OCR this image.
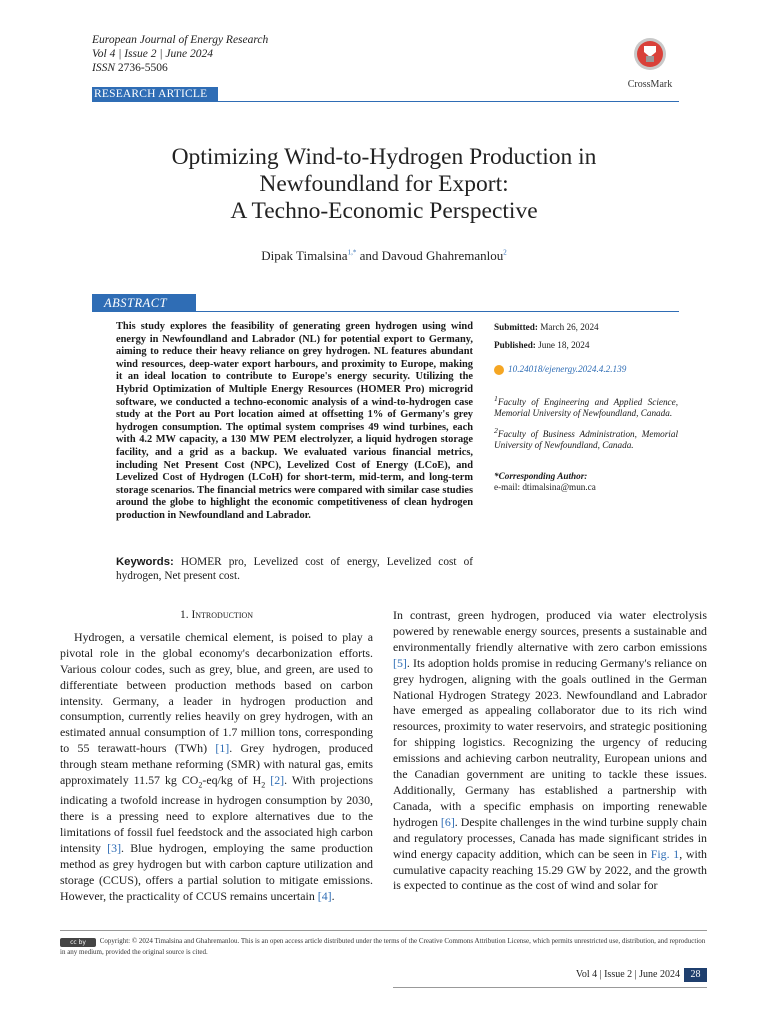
European Journal of Energy Research
Vol 4 | Issue 2 | June 2024
ISSN 2736-5506
CrossMark
RESEARCH ARTICLE
Optimizing Wind-to-Hydrogen Production in
Newfoundland for Export:
A Techno-Economic Perspective
Dipak Timalsina$^{1,*}$ and Davoud Ghahremanlou$^2$
ABSTRACT
This study explores the feasibility of generating green hydrogen using wind energy in Newfoundland and Labrador (NL) for potential export to Germany, aiming to reduce their heavy reliance on grey hydrogen. NL features abundant wind resources, deep-water export harbours, and proximity to Europe, making it an ideal location to contribute to Europe's energy security. Utilizing the Hybrid Optimization of Multiple Energy Resources (HOMER Pro) microgrid software, we conducted a techno-economic analysis of a wind-to-hydrogen case study at the Port au Port location aimed at offsetting 1% of Germany's grey hydrogen consumption. The optimal system comprises 49 wind turbines, each with 4.2 MW capacity, a 130 MW PEM electrolyzer, a liquid hydrogen storage facility, and a grid as a backup. We evaluated various financial metrics, including Net Present Cost (NPC), Levelized Cost of Energy (LCoE), and Levelized Cost of Hydrogen (LCoH) for short-term, mid-term, and long-term storage scenarios. The financial metrics were compared with similar case studies around the globe to highlight the economic competitiveness of clean hydrogen production in Newfoundland and Labrador.
Keywords: HOMER pro, Levelized cost of energy, Levelized cost of hydrogen, Net present cost.
Submitted: March 26, 2024
Published: June 18, 2024
10.24018/ejenergy.2024.4.2.139
$^1$Faculty of Engineering and Applied Science, Memorial University of Newfoundland, Canada.
$^2$Faculty of Business Administration, Memorial University of Newfoundland, Canada.
*Corresponding Author:
e-mail: dtimalsina@mun.ca
1. Introduction

Hydrogen, a versatile chemical element, is poised to play a pivotal role in the global economy's decarbonization efforts. Various colour codes, such as grey, blue, and green, are used to differentiate between production methods based on carbon intensity. Germany, a leader in hydrogen production and consumption, currently relies heavily on grey hydrogen, with an estimated annual consumption of 1.7 million tons, corresponding to 55 terawatt-hours (TWh) [1]. Grey hydrogen, produced through steam methane reforming (SMR) with natural gas, emits approximately 11.57 kg $CO_2-eq/kg$ of $H_2$ [2]. With projections indicating a twofold increase in hydrogen consumption by 2030, there is a pressing need to explore alternatives due to the limitations of fossil fuel feedstock and the associated high carbon intensity [3]. Blue hydrogen, employing the same production method as grey hydrogen but with carbon capture utilization and storage (CCUS), offers a partial solution to mitigate emissions. However, the practicality of CCUS remains uncertain [4].

In contrast, green hydrogen, produced via water electrolysis powered by renewable energy sources, presents a sustainable and environmentally friendly alternative with zero carbon emissions [5]. Its adoption holds promise in reducing Germany's reliance on grey hydrogen, aligning with the goals outlined in the German National Hydrogen Strategy 2023. Newfoundland and Labrador have emerged as appealing collaborator due to its rich wind resources, proximity to water reservoirs, and strategic positioning for shipping logistics. Recognizing the urgency of reducing emissions and achieving carbon neutrality, European unions and the Canadian government are uniting to tackle these issues. Additionally, Germany has established a partnership with Canada, with a specific emphasis on importing renewable hydrogen [6]. Despite challenges in the wind turbine supply chain and regulatory processes, Canada has made significant strides in wind energy capacity addition, which can be seen in Fig. 1, with cumulative capacity reaching 15.29 GW by 2022, and the growth is expected to continue as the cost of wind and solar for

cc by Copyright: © 2024 Timalsina and Ghahremanlou. This is an open access article distributed under the terms of the Creative Commons Attribution License, which permits unrestricted use, distribution, and reproduction in any medium, provided the original source is cited.
Vol 4 | Issue 2 | June 2024	28
